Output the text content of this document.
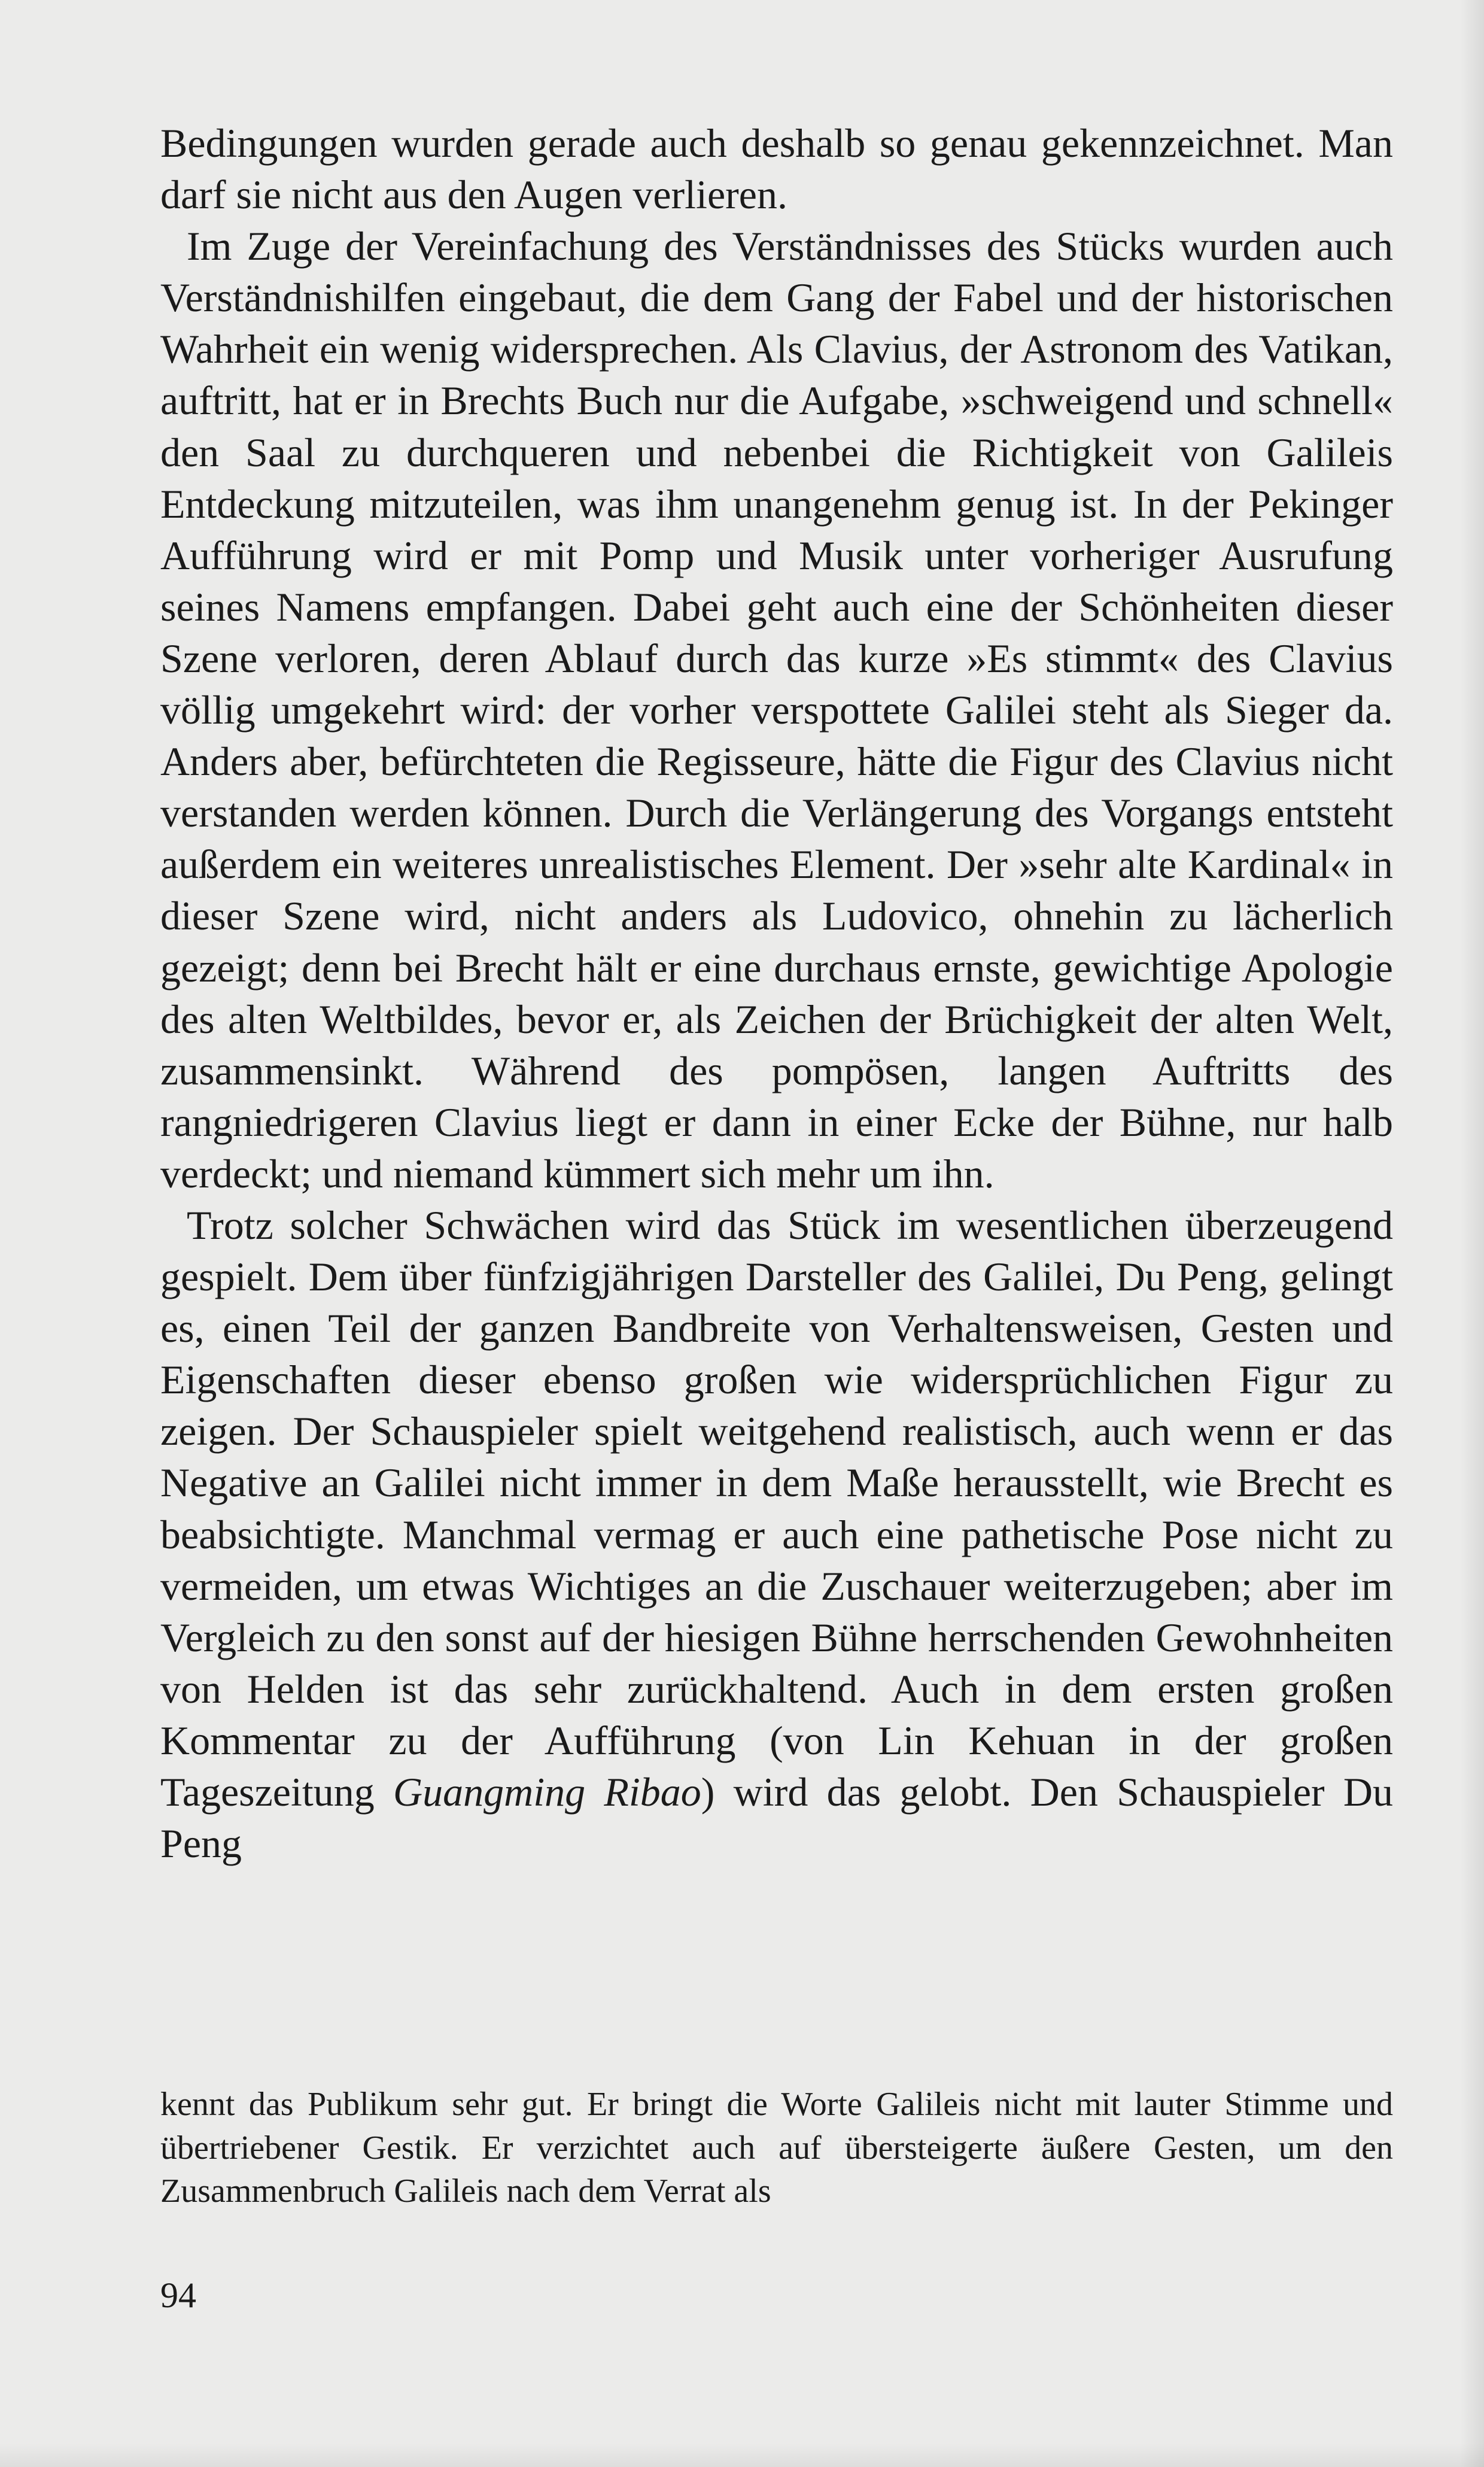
Bedingungen wurden gerade auch deshalb so genau gekennzeichnet. Man darf sie nicht aus den Augen verlieren.

Im Zuge der Vereinfachung des Verständnisses des Stücks wurden auch Verständnishilfen eingebaut, die dem Gang der Fabel und der historischen Wahrheit ein wenig widersprechen. Als Clavius, der Astronom des Vatikan, auftritt, hat er in Brechts Buch nur die Aufgabe, »schweigend und schnell« den Saal zu durchqueren und nebenbei die Richtigkeit von Galileis Entdeckung mitzuteilen, was ihm unangenehm genug ist. In der Pekinger Aufführung wird er mit Pomp und Musik unter vorheriger Ausrufung seines Namens empfangen. Dabei geht auch eine der Schönheiten dieser Szene verloren, deren Ablauf durch das kurze »Es stimmt« des Clavius völlig umgekehrt wird: der vorher verspottete Galilei steht als Sieger da. Anders aber, befürchteten die Regisseure, hätte die Figur des Clavius nicht verstanden werden können. Durch die Verlängerung des Vorgangs entsteht außerdem ein weiteres unrealistisches Element. Der »sehr alte Kardinal« in dieser Szene wird, nicht anders als Ludovico, ohnehin zu lächerlich gezeigt; denn bei Brecht hält er eine durchaus ernste, gewichtige Apologie des alten Weltbildes, bevor er, als Zeichen der Brüchigkeit der alten Welt, zusammensinkt. Während des pompösen, langen Auftritts des rangniedrigeren Clavius liegt er dann in einer Ecke der Bühne, nur halb verdeckt; und niemand kümmert sich mehr um ihn.

Trotz solcher Schwächen wird das Stück im wesentlichen überzeugend gespielt. Dem über fünfzigjährigen Darsteller des Galilei, Du Peng, gelingt es, einen Teil der ganzen Bandbreite von Verhaltensweisen, Gesten und Eigenschaften dieser ebenso großen wie widersprüchlichen Figur zu zeigen. Der Schauspieler spielt weitgehend realistisch, auch wenn er das Negative an Galilei nicht immer in dem Maße herausstellt, wie Brecht es beabsichtigte. Manchmal vermag er auch eine pathetische Pose nicht zu vermeiden, um etwas Wichtiges an die Zuschauer weiterzugeben; aber im Vergleich zu den sonst auf der hiesigen Bühne herrschenden Gewohnheiten von Helden ist das sehr zurückhaltend. Auch in dem ersten großen Kommentar zu der Aufführung (von Lin Kehuan in der großen Tageszeitung Guangming Ribao) wird das gelobt. Den Schauspieler Du Peng

kennt das Publikum sehr gut. Er bringt die Worte Galileis nicht mit lauter Stimme und übertriebener Gestik. Er verzichtet auch auf übersteigerte äußere Gesten, um den Zusammenbruch Galileis nach dem Verrat als

94
